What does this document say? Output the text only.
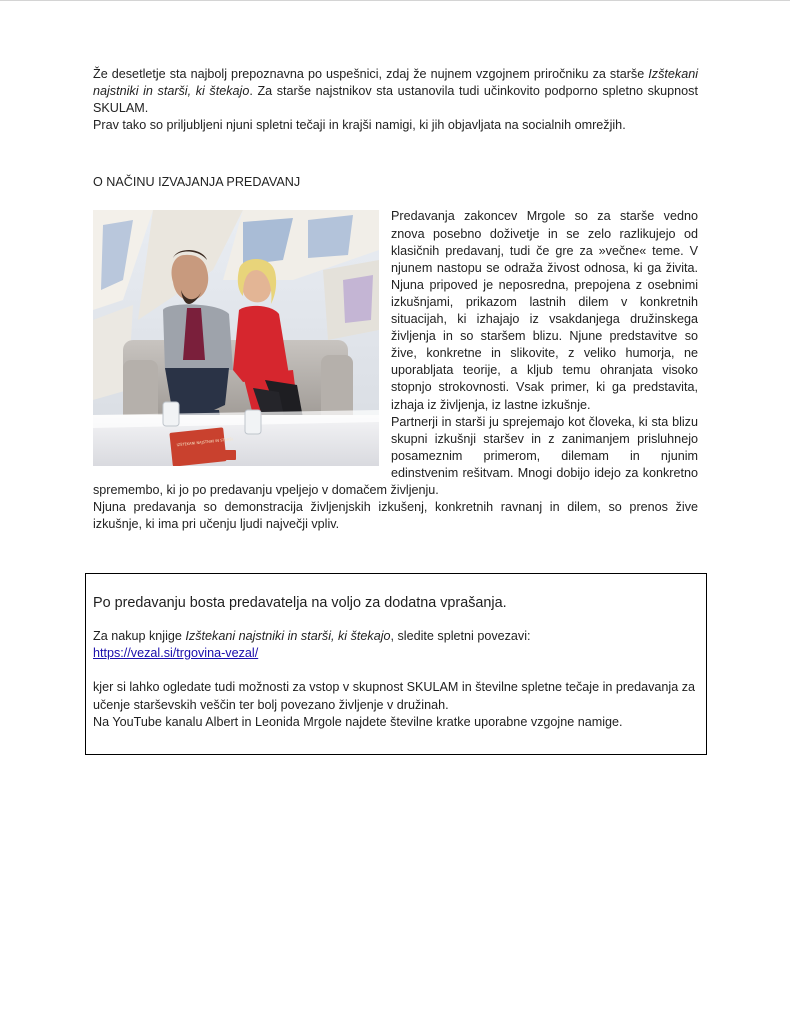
Že desetletje sta najbolj prepoznavna po uspešnici, zdaj že nujnem vzgojnem priročniku za starše Izštekani najstniki in starši, ki štekajo. Za starše najstnikov sta ustanovila tudi učinkovito podporno spletno skupnost SKULAM.

Prav tako so priljubljeni njuni spletni tečaji in krajši namigi, ki jih objavljata na socialnih omrežjih.

O NAČINU IZVAJANJA PREDAVANJ

IZŠTEKANI NAJSTNIKI IN STARŠI
Predavanja zakoncev Mrgole so za starše vedno znova posebno doživetje in se zelo razlikujejo od klasičnih predavanj, tudi če gre za »večne« teme. V njunem nastopu se odraža živost odnosa, ki ga živita. Njuna pripoved je neposredna, prepojena z osebnimi izkušnjami, prikazom lastnih dilem v konkretnih situacijah, ki izhajajo iz vsakdanjega družinskega življenja in so staršem blizu. Njune predstavitve so žive, konkretne in slikovite, z veliko humorja, ne uporabljata teorije, a kljub temu ohranjata visoko stopnjo strokovnosti. Vsak primer, ki ga predstavita, izhaja iz življenja, iz lastne izkušnje.

Partnerji in starši ju sprejemajo kot človeka, ki sta blizu skupni izkušnji staršev in z zanimanjem prisluhnejo posameznim primerom, dilemam in njunim edinstvenim rešitvam. Mnogi dobijo idejo za konkretno spremembo, ki jo po predavanju vpeljejo v domačem življenju.

Njuna predavanja so demonstracija življenjskih izkušenj, konkretnih ravnanj in dilem, so prenos žive izkušnje, ki ima pri učenju ljudi največji vpliv.

Po predavanju bosta predavatelja na voljo za dodatna vprašanja.

Za nakup knjige Izštekani najstniki in starši, ki štekajo, sledite spletni povezavi:

https://vezal.si/trgovina-vezal/

kjer si lahko ogledate tudi možnosti za vstop v skupnost SKULAM in številne spletne tečaje in predavanja za učenje starševskih veščin ter bolj povezano življenje v družinah.

Na YouTube kanalu Albert in Leonida Mrgole najdete številne kratke uporabne vzgojne namige.
